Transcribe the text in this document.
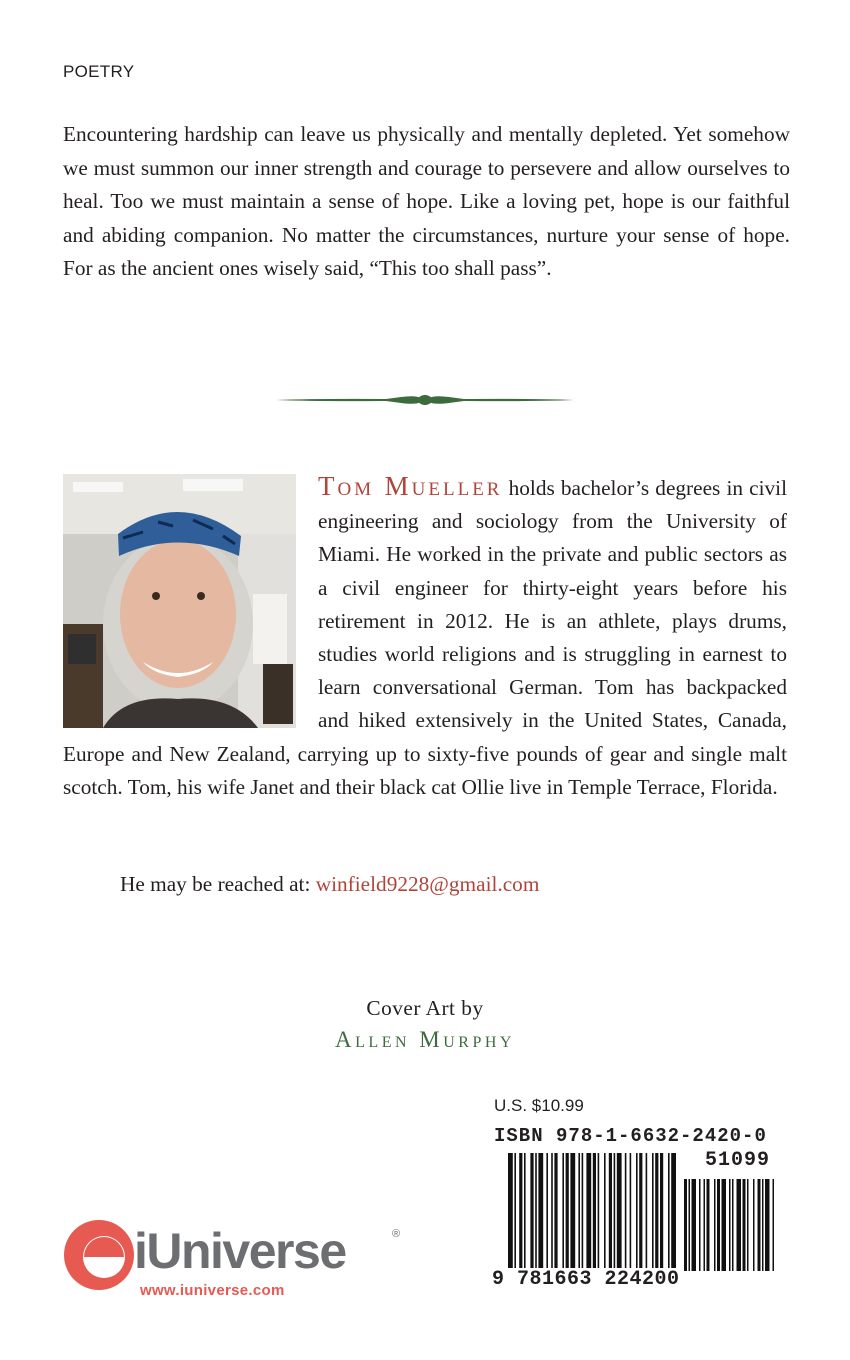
POETRY

Encountering hardship can leave us physically and mentally depleted. Yet somehow we must summon our inner strength and courage to persevere and allow ourselves to heal. Too we must maintain a sense of hope. Like a loving pet, hope is our faithful and abiding companion. No matter the circumstances, nurture your sense of hope. For as the ancient ones wisely said, “This too shall pass”.

Tom Mueller holds bachelor’s degrees in civil engineering and sociology from the University of Miami. He worked in the private and public sectors as a civil engineer for thirty-eight years before his retirement in 2012. He is an athlete, plays drums, studies world religions and is struggling in earnest to learn conversational German. Tom has backpacked and hiked extensively in the United States, Canada, Europe and New Zealand, carrying up to sixty-five pounds of gear and single malt scotch. Tom, his wife Janet and their black cat Ollie live in Temple Terrace, Florida.

He may be reached at: winfield9228@gmail.com
Cover Art by
Allen Murphy
U.S. $10.99
ISBN 978-1-6632-2420-0
51099
9 781663 224200
iUniverse	®
www.iuniverse.com
